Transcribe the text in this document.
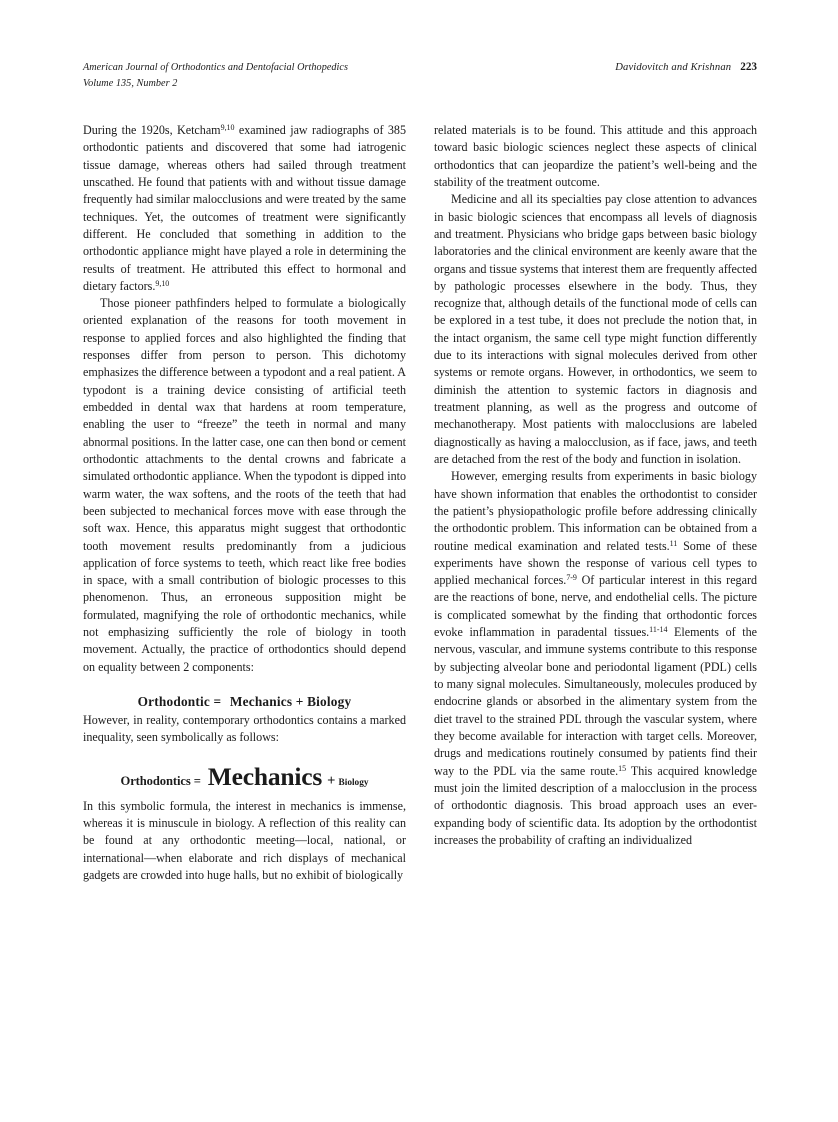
American Journal of Orthodontics and Dentofacial Orthopedics
Volume 135, Number 2
Davidovitch and Krishnan 223

During the 1920s, Ketcham$^{9,10}$ examined jaw radiographs of 385 orthodontic patients and discovered that some had iatrogenic tissue damage, whereas others had sailed through treatment unscathed. He found that patients with and without tissue damage frequently had similar malocclusions and were treated by the same techniques. Yet, the outcomes of treatment were significantly different. He concluded that something in addition to the orthodontic appliance might have played a role in determining the results of treatment. He attributed this effect to hormonal and dietary factors.$^{9,10}$

Those pioneer pathfinders helped to formulate a biologically oriented explanation of the reasons for tooth movement in response to applied forces and also highlighted the finding that responses differ from person to person. This dichotomy emphasizes the difference between a typodont and a real patient. A typodont is a training device consisting of artificial teeth embedded in dental wax that hardens at room temperature, enabling the user to “freeze” the teeth in normal and many abnormal positions. In the latter case, one can then bond or cement orthodontic attachments to the dental crowns and fabricate a simulated orthodontic appliance. When the typodont is dipped into warm water, the wax softens, and the roots of the teeth that had been subjected to mechanical forces move with ease through the soft wax. Hence, this apparatus might suggest that orthodontic tooth movement results predominantly from a judicious application of force systems to teeth, which react like free bodies in space, with a small contribution of biologic processes to this phenomenon. Thus, an erroneous supposition might be formulated, magnifying the role of orthodontic mechanics, while not emphasizing sufficiently the role of biology in tooth movement. Actually, the practice of orthodontics should depend on equality between 2 components:

Orthodontic = Mechanics + Biology

However, in reality, contemporary orthodontics contains a marked inequality, seen symbolically as follows:

Orthodontics = Mechanics + Biology

In this symbolic formula, the interest in mechanics is immense, whereas it is minuscule in biology. A reflection of this reality can be found at any orthodontic meeting—local, national, or international—when elaborate and rich displays of mechanical gadgets are crowded into huge halls, but no exhibit of biologically

related materials is to be found. This attitude and this approach toward basic biologic sciences neglect these aspects of clinical orthodontics that can jeopardize the patient’s well-being and the stability of the treatment outcome.

Medicine and all its specialties pay close attention to advances in basic biologic sciences that encompass all levels of diagnosis and treatment. Physicians who bridge gaps between basic biology laboratories and the clinical environment are keenly aware that the organs and tissue systems that interest them are frequently affected by pathologic processes elsewhere in the body. Thus, they recognize that, although details of the functional mode of cells can be explored in a test tube, it does not preclude the notion that, in the intact organism, the same cell type might function differently due to its interactions with signal molecules derived from other systems or remote organs. However, in orthodontics, we seem to diminish the attention to systemic factors in diagnosis and treatment planning, as well as the progress and outcome of mechanotherapy. Most patients with malocclusions are labeled diagnostically as having a malocclusion, as if face, jaws, and teeth are detached from the rest of the body and function in isolation.

However, emerging results from experiments in basic biology have shown information that enables the orthodontist to consider the patient’s physiopathologic profile before addressing clinically the orthodontic problem. This information can be obtained from a routine medical examination and related tests.$^{11}$ Some of these experiments have shown the response of various cell types to applied mechanical forces.$^{7-9}$ Of particular interest in this regard are the reactions of bone, nerve, and endothelial cells. The picture is complicated somewhat by the finding that orthodontic forces evoke inflammation in paradental tissues.$^{11-14}$ Elements of the nervous, vascular, and immune systems contribute to this response by subjecting alveolar bone and periodontal ligament (PDL) cells to many signal molecules. Simultaneously, molecules produced by endocrine glands or absorbed in the alimentary system from the diet travel to the strained PDL through the vascular system, where they become available for interaction with target cells. Moreover, drugs and medications routinely consumed by patients find their way to the PDL via the same route.$^{15}$ This acquired knowledge must join the limited description of a malocclusion in the process of orthodontic diagnosis. This broad approach uses an ever-expanding body of scientific data. Its adoption by the orthodontist increases the probability of crafting an individualized
